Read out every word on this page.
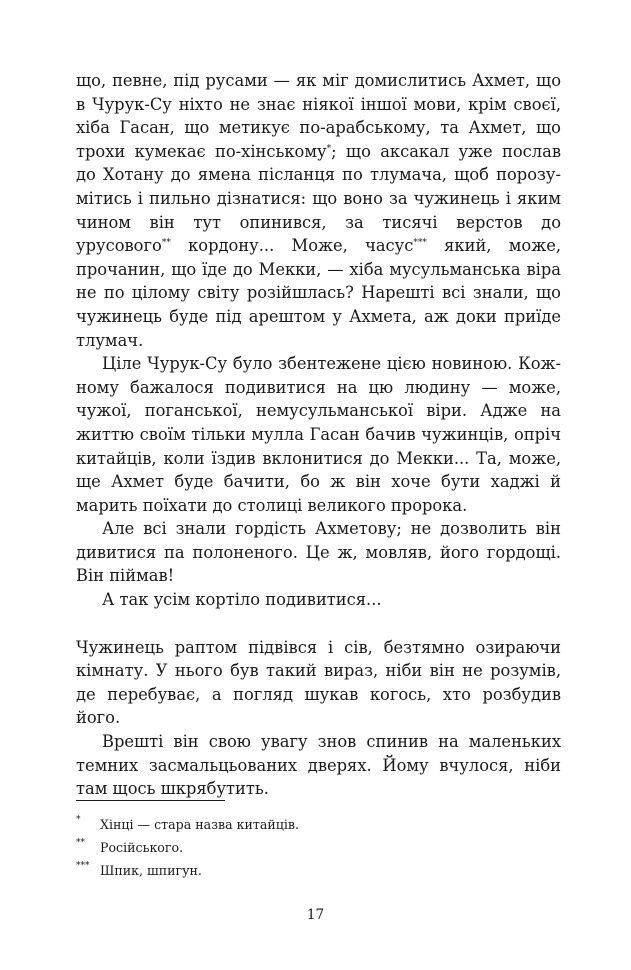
що, певне, під русами — як міг домислитись Ахмет, що в Чурук-Су ніхто не знає ніякої іншої мови, крім своєї, хіба Гасан, що метикує по-арабському, та Ахмет, що трохи кумекає по-хінському*; що аксакал уже послав до Хотану до ямена післанця по тлумача, щоб порозумітись і пильно дізнатися: що воно за чужинець і яким чином він тут опинився, за тисячі верстов до урусового** кордону... Може, часус*** який, може, прочанин, що їде до Мекки, — хіба мусульманська віра не по цілому світу розійшлась? Нарешті всі знали, що чужинець буде під арештом у Ахмета, аж доки приїде тлумач.

Ціле Чурук-Су було збентежене цією новиною. Кожному бажалося подивитися на цю людину — може, чужої, поганської, немусульманської віри. Адже на життю своїм тільки мулла Гасан бачив чужинців, опріч китайців, коли їздив вклонитися до Мекки... Та, може, ще Ахмет буде бачити, бо ж він хоче бути хаджі й марить поїхати до столиці великого пророка.

Але всі знали гордість Ахметову; не дозволить він дивитися па полоненого. Це ж, мовляв, його гордощі. Він піймав!

А так усім кортіло подивитися...

Чужинець раптом підвівся і сів, безтямно озираючи кімнату. У нього був такий вираз, ніби він не розумів, де перебуває, а погляд шукав когось, хто розбудив його.

Врешті він свою увагу знов спинив на маленьких темних засмальцьованих дверях. Йому вчулося, ніби там щось шкрябутить.

* Хінці — стара назва китайців.
** Російського.
*** Шпик, шпигун.
17
